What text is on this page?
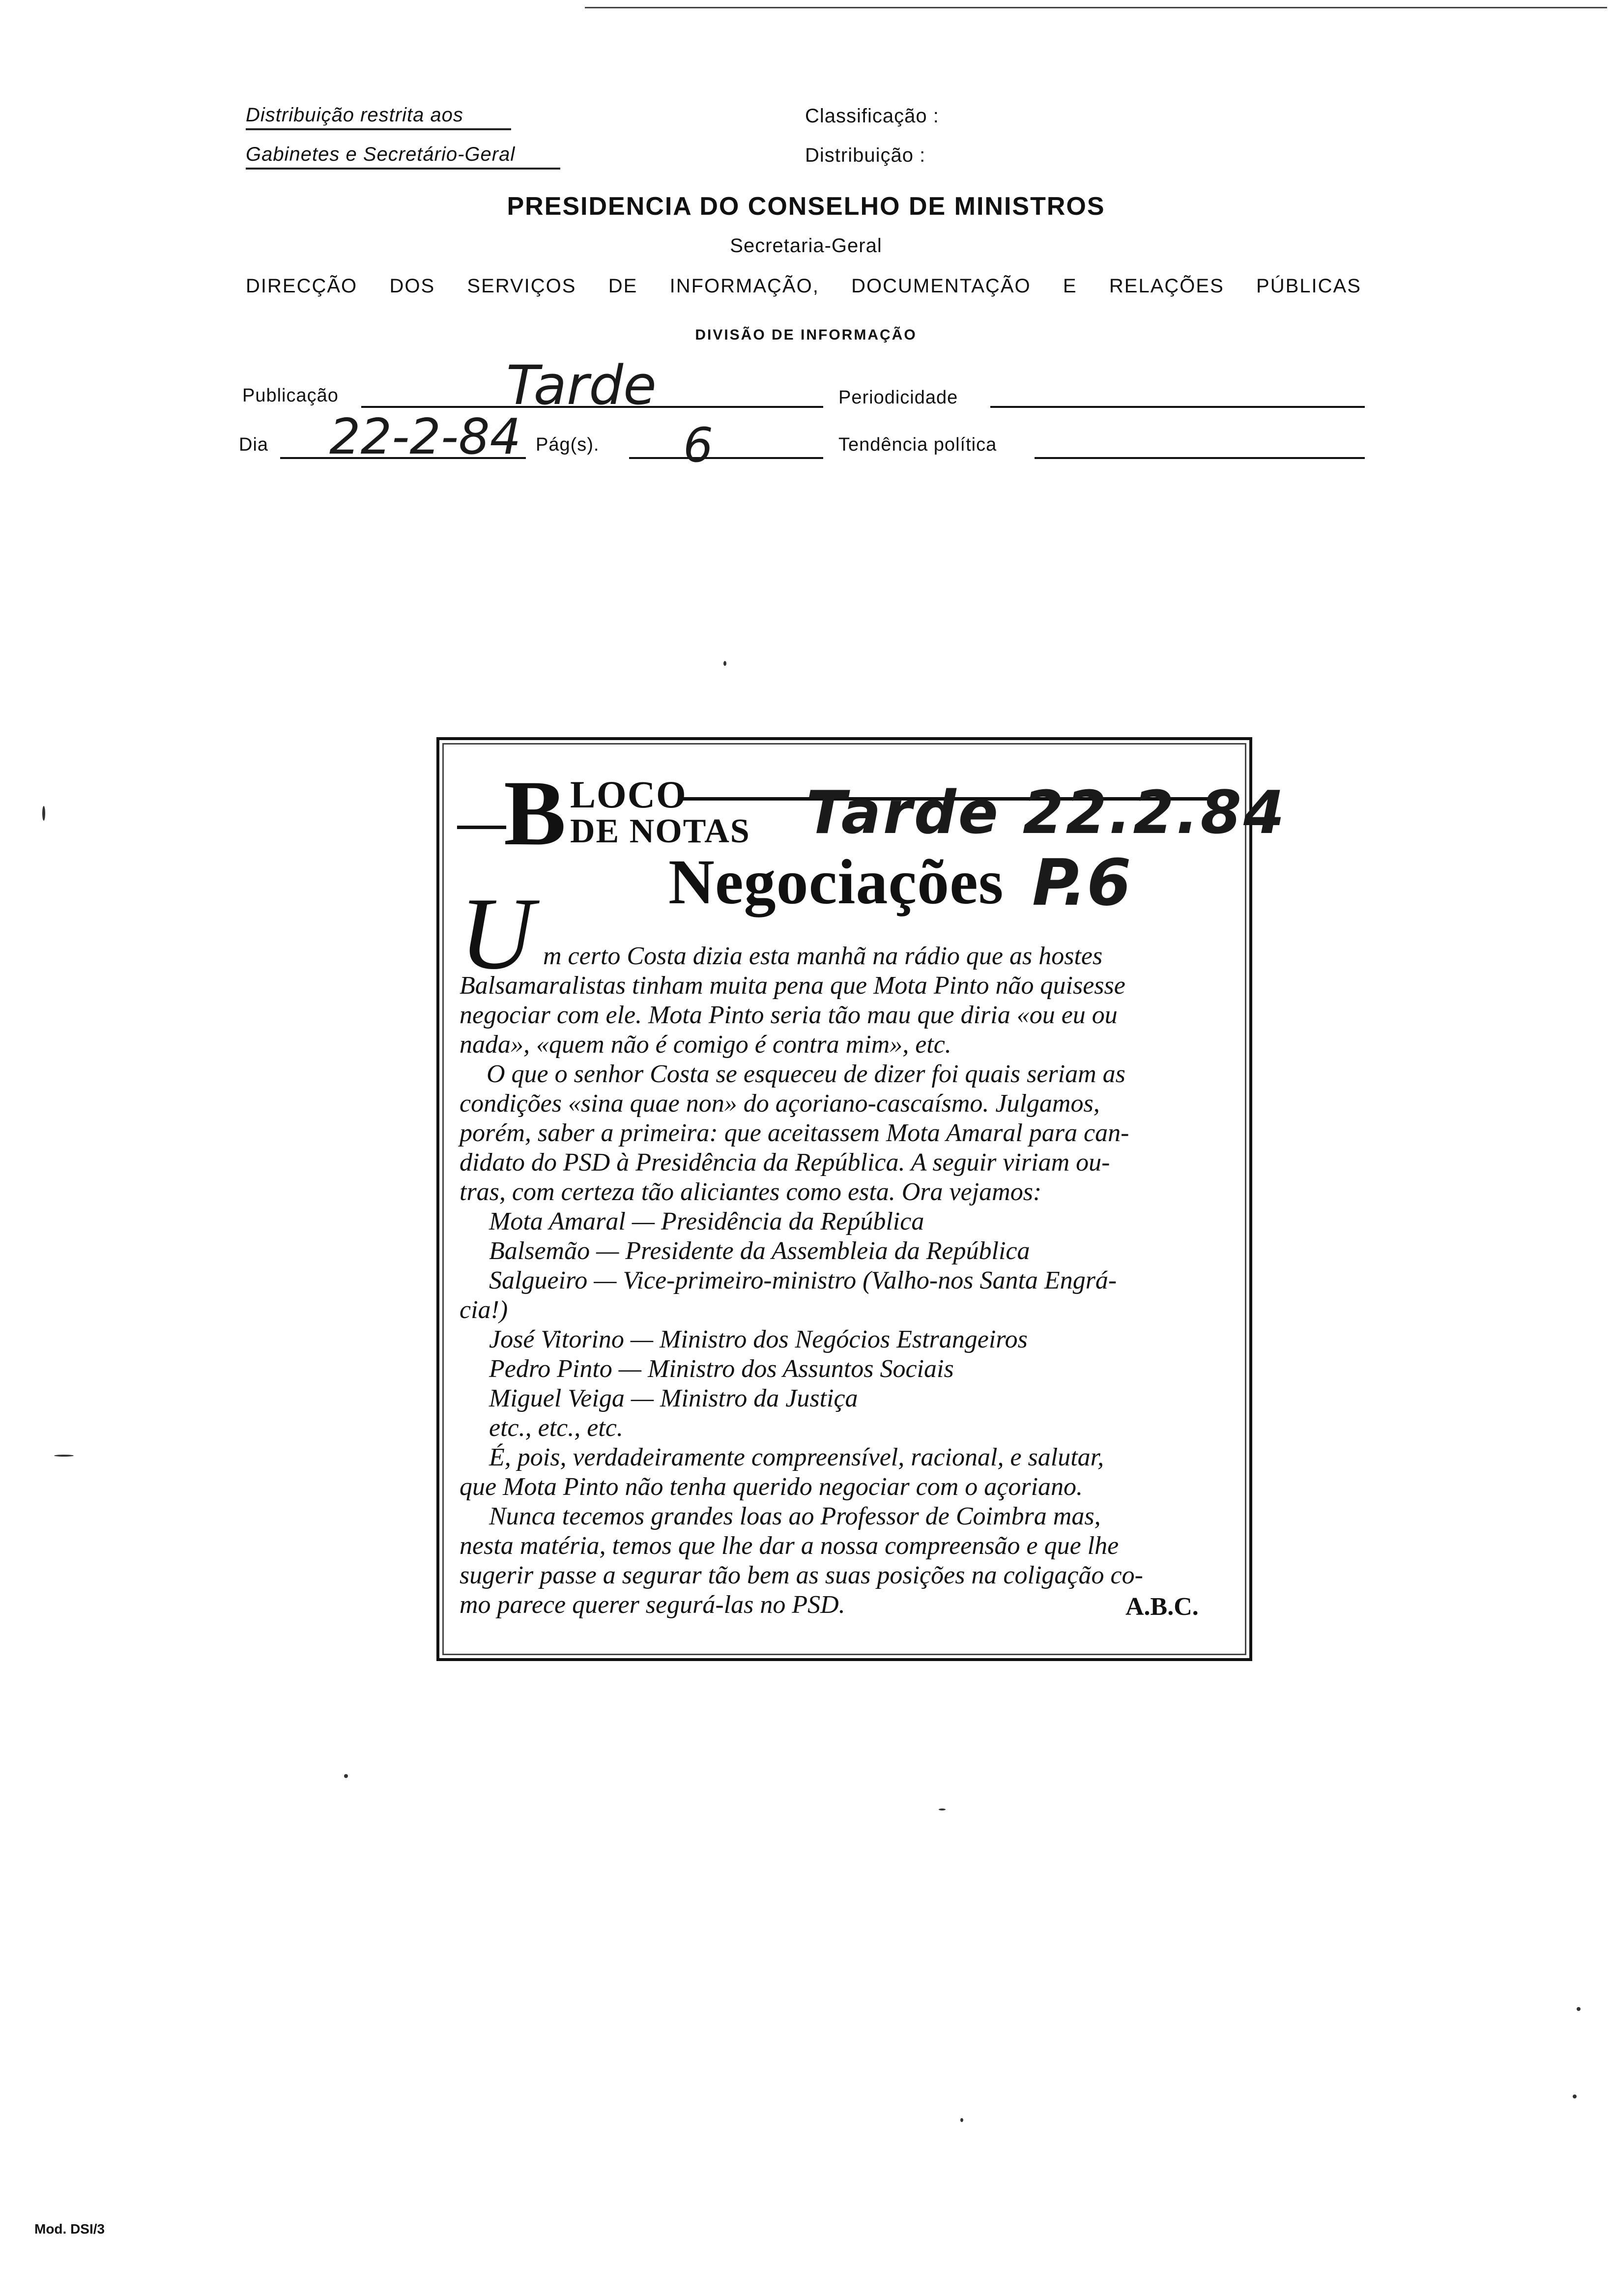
Distribuição restrita aos
Gabinetes e Secretário-Geral
Classificação :
Distribuição :
PRESIDENCIA DO CONSELHO DE MINISTROS
Secretaria-Geral
DIRECÇÃO DOS SERVIÇOS DE INFORMAÇÃO, DOCUMENTAÇÃO E RELAÇÕES PÚBLICAS
DIVISÃO DE INFORMAÇÃO
Publicação	Tarde	Periodicidade
Dia 22-2-84 Pág(s). 6	Tendência política
B LOCO
DE NOTAS Tarde 22.2.84
Negociações P.6
U m certo Costa dizia esta manhã na rádio que as hostes
Balsamaralistas tinham muita pena que Mota Pinto não quisesse
negociar com ele. Mota Pinto seria tão mau que diria «ou eu ou
nada», «quem não é comigo é contra mim», etc.
O que o senhor Costa se esqueceu de dizer foi quais seriam as
condições «sina quae non» do açoriano-cascaísmo. Julgamos,
porém, saber a primeira: que aceitassem Mota Amaral para can-
didato do PSD à Presidência da República. A seguir viriam ou-
tras, com certeza tão aliciantes como esta. Ora vejamos:
Mota Amaral — Presidência da República
Balsemão — Presidente da Assembleia da República
Salgueiro — Vice-primeiro-ministro (Valho-nos Santa Engrá-
cia!)
José Vitorino — Ministro dos Negócios Estrangeiros
Pedro Pinto — Ministro dos Assuntos Sociais
Miguel Veiga — Ministro da Justiça
etc., etc., etc.
É, pois, verdadeiramente compreensível, racional, e salutar,
que Mota Pinto não tenha querido negociar com o açoriano.
Nunca tecemos grandes loas ao Professor de Coimbra mas,
nesta matéria, temos que lhe dar a nossa compreensão e que lhe
sugerir passe a segurar tão bem as suas posições na coligação co-
mo parece querer segurá-las no PSD.	A.B.C.
Mod. DSI/3
